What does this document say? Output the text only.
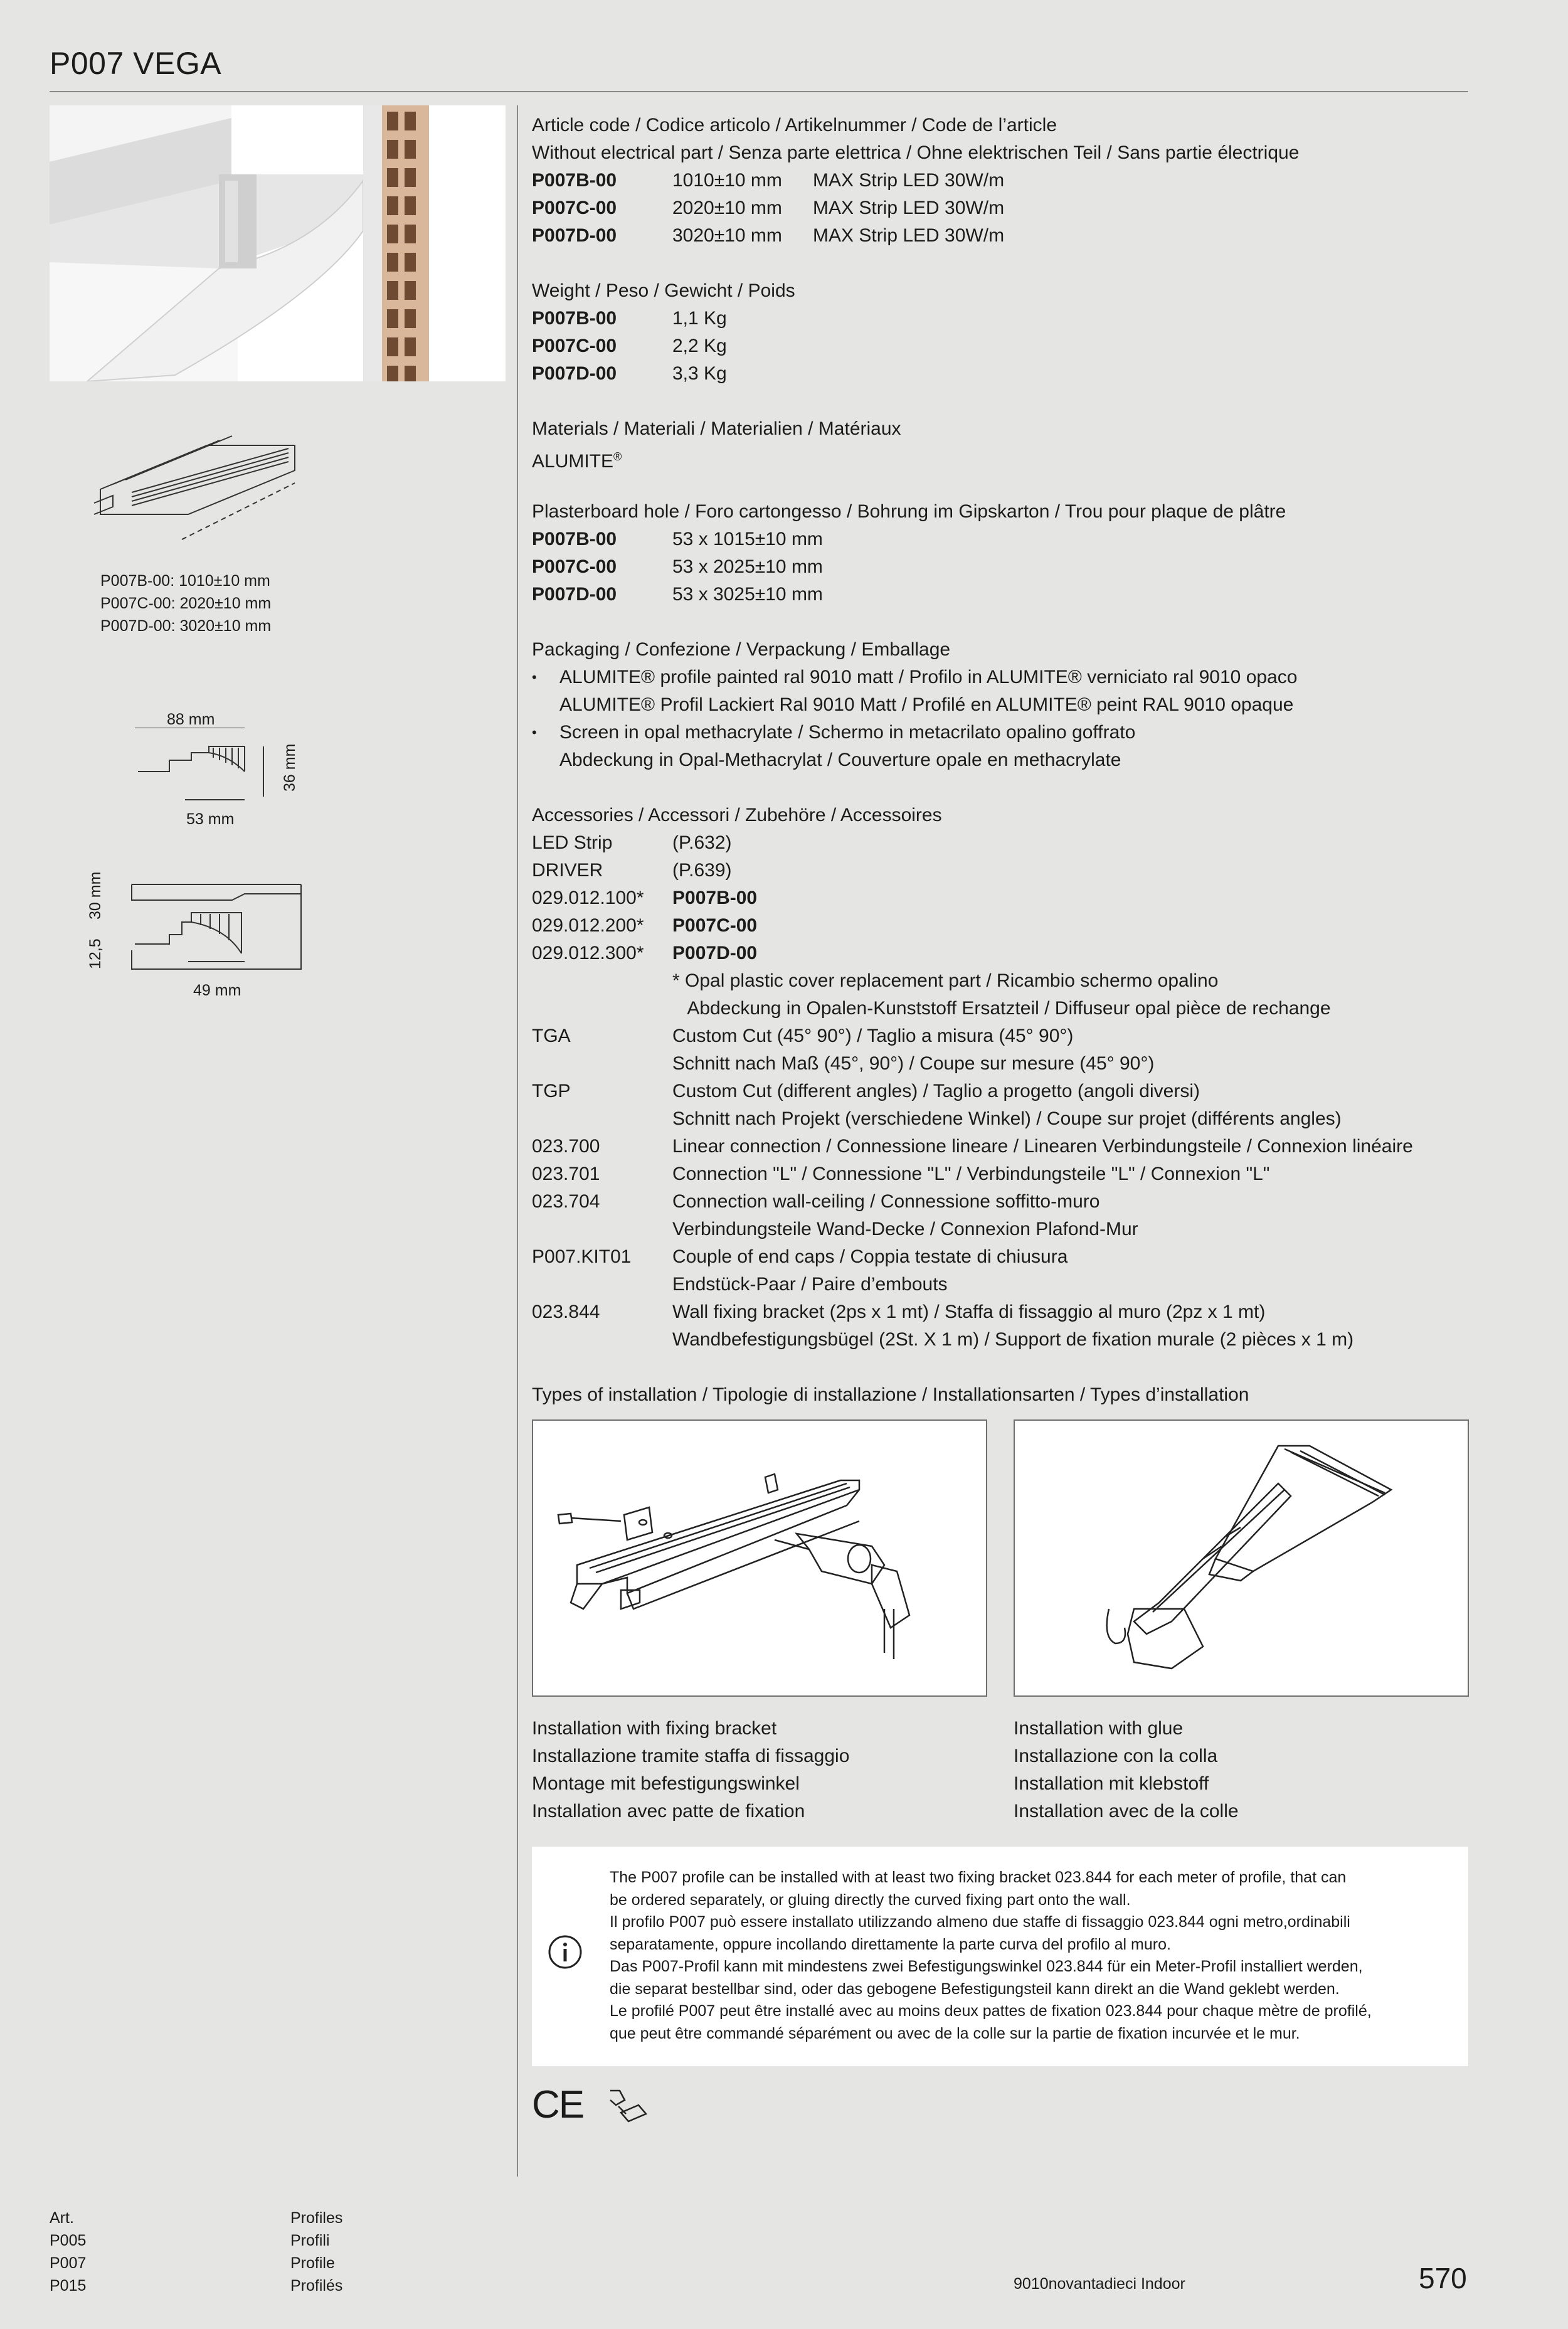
P007 VEGA
P007B-00: 1010±10 mm
P007C-00: 2020±10 mm
P007D-00: 3020±10 mm
88 mm
36 mm
53 mm
30 mm
12,5
49 mm
Article code / Codice articolo / Artikelnummer / Code de l’article
Without electrical part / Senza parte elettrica / Ohne elektrischen Teil / Sans partie électrique
P007B-00	1010±10 mm	MAX Strip LED 30W/m
P007C-00	2020±10 mm	MAX Strip LED 30W/m
P007D-00	3020±10 mm	MAX Strip LED 30W/m
Weight / Peso / Gewicht / Poids
P007B-00	1,1 Kg
P007C-00	2,2 Kg
P007D-00	3,3 Kg
Materials / Materiali / Materialien / Matériaux
ALUMITE®
Plasterboard hole / Foro cartongesso / Bohrung im Gipskarton / Trou pour plaque de plâtre
P007B-00	53 x 1015±10 mm
P007C-00	53 x 2025±10 mm
P007D-00	53 x 3025±10 mm
Packaging / Confezione / Verpackung / Emballage
•	ALUMITE® profile painted ral 9010 matt / Profilo in ALUMITE® verniciato ral 9010 opaco
ALUMITE® Profil Lackiert Ral 9010 Matt / Profilé en ALUMITE® peint RAL 9010 opaque
•	Screen in opal methacrylate / Schermo in metacrilato opalino goffrato
Abdeckung in Opal-Methacrylat / Couverture opale en methacrylate
Accessories / Accessori / Zubehöre / Accessoires
LED Strip	(P.632)
DRIVER	(P.639)
029.012.100*	P007B-00
029.012.200*	P007C-00
029.012.300*	P007D-00
* Opal plastic cover replacement part / Ricambio schermo opalino
Abdeckung in Opalen-Kunststoff Ersatzteil / Diffuseur opal pièce de rechange
TGA	Custom Cut (45° 90°) / Taglio a misura (45° 90°)
Schnitt nach Maß (45°, 90°) / Coupe sur mesure (45° 90°)
TGP	Custom Cut (different angles) / Taglio a progetto (angoli diversi)
Schnitt nach Projekt (verschiedene Winkel) / Coupe sur projet (différents angles)
023.700	Linear connection / Connessione lineare / Linearen Verbindungsteile / Connexion linéaire
023.701	Connection "L" / Connessione "L" / Verbindungsteile "L" / Connexion "L"
023.704	Connection wall-ceiling / Connessione soffitto-muro
Verbindungsteile Wand-Decke / Connexion Plafond-Mur
P007.KIT01	Couple of end caps / Coppia testate di chiusura
Endstück-Paar / Paire d’embouts
023.844	Wall fixing bracket (2ps x 1 mt) / Staffa di fissaggio al muro (2pz x 1 mt)
Wandbefestigungsbügel (2St. X 1 m) / Support de fixation murale (2 pièces x 1 m)
Types of installation / Tipologie di installazione / Installationsarten / Types d’installation
Installation with fixing bracket
Installazione tramite staffa di fissaggio
Montage mit befestigungswinkel
Installation avec patte de fixation
Installation with glue
Installazione con la colla
Installation mit klebstoff
Installation avec de la colle
The P007 profile can be installed with at least two fixing bracket 023.844 for each meter of profile, that can
be ordered separately, or gluing directly the curved fixing part onto the wall.
Il profilo P007 può essere installato utilizzando almeno due staffe di fissaggio 023.844 ogni metro,ordinabili
separatamente, oppure incollando direttamente la parte curva del profilo al muro.
Das P007-Profil kann mit mindestens zwei Befestigungswinkel 023.844 für ein Meter-Profil installiert werden,
die separat bestellbar sind, oder das gebogene Befestigungsteil kann direkt an die Wand geklebt werden.
Le profilé P007 peut être installé avec au moins deux pattes de fixation 023.844 pour chaque mètre de profilé,
que peut être commandé séparément ou avec de la colle sur la partie de fixation incurvée et le mur.
CE
Art.
P005
P007
P015
Profiles
Profili
Profile
Profilés	9010novantadieci Indoor	570
